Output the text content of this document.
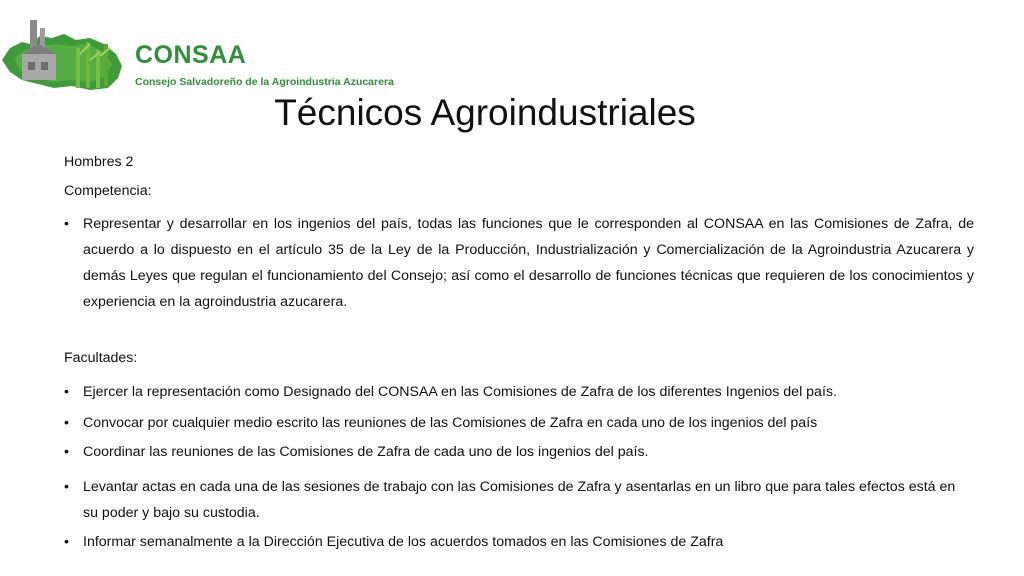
CONSAA
Consejo Salvadoreño de la Agroindustria Azucarera
Técnicos Agroindustriales
Hombres 2
Competencia:
• Representar y desarrollar en los ingenios del país, todas las funciones que le corresponden al CONSAA en las Comisiones de Zafra, de acuerdo a lo dispuesto en el artículo 35 de la Ley de la Producción, Industrialización y Comercialización de la Agroindustria Azucarera y demás Leyes que regulan el funcionamiento del Consejo; así como el desarrollo de funciones técnicas que requieren de los conocimientos y experiencia en la agroindustria azucarera.
Facultades:
• Ejercer la representación como Designado del CONSAA en las Comisiones de Zafra de los diferentes Ingenios del país.
• Convocar por cualquier medio escrito las reuniones de las Comisiones de Zafra en cada uno de los ingenios del país
• Coordinar las reuniones de las Comisiones de Zafra de cada uno de los ingenios del país.
• Levantar actas en cada una de las sesiones de trabajo con las Comisiones de Zafra y asentarlas en un libro que para tales efectos está en su poder y bajo su custodia.
• Informar semanalmente a la Dirección Ejecutiva de los acuerdos tomados en las Comisiones de Zafra
